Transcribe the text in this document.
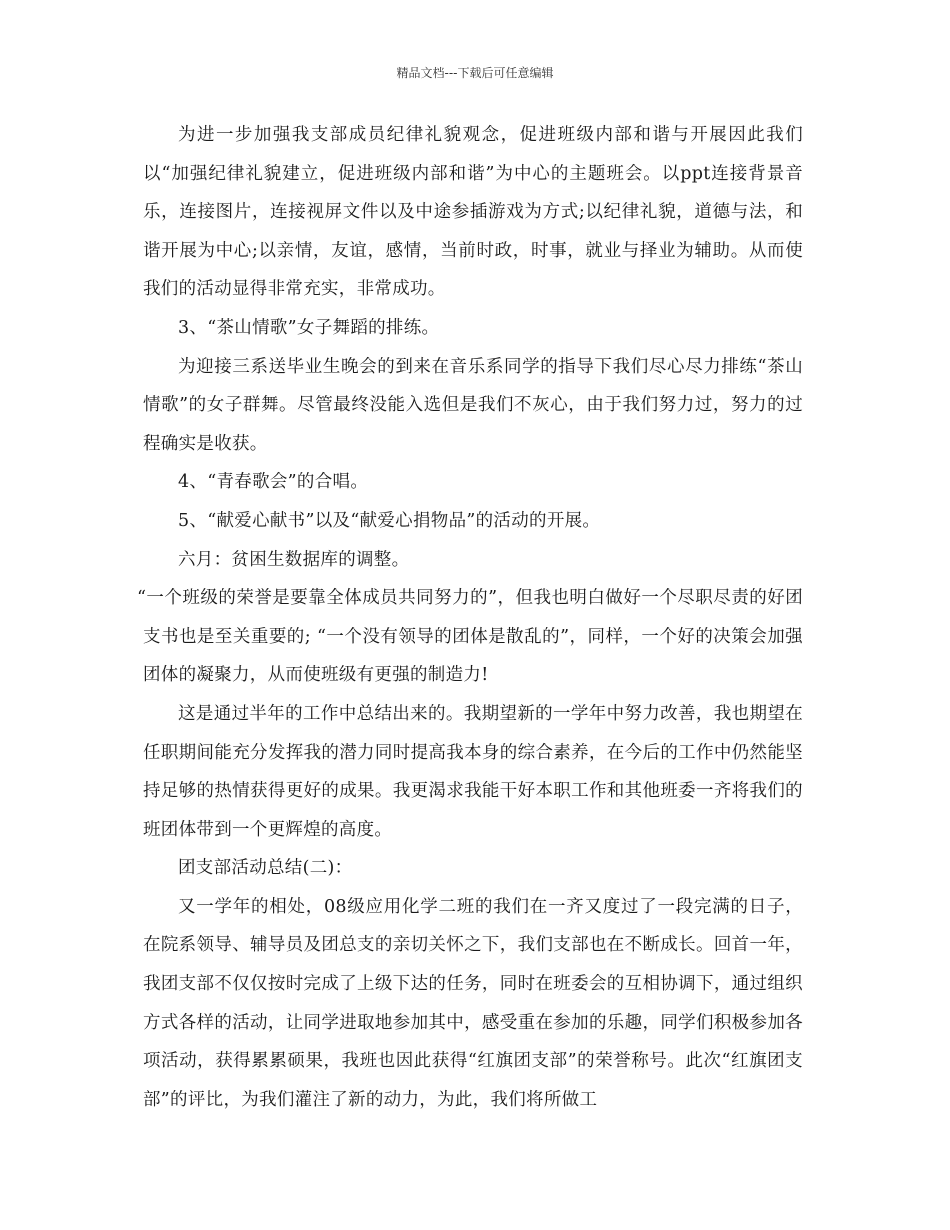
精品文档---下载后可任意编辑

为进一步加强我支部成员纪律礼貌观念，促进班级内部和谐与开展因此我们以“加强纪律礼貌建立，促进班级内部和谐”为中心的主题班会。以ppt连接背景音乐，连接图片，连接视屏文件以及中途参插游戏为方式;以纪律礼貌，道德与法，和谐开展为中心;以亲情，友谊，感情，当前时政，时事，就业与择业为辅助。从而使我们的活动显得非常充实，非常成功。

3、“茶山情歌”女子舞蹈的排练。

为迎接三系送毕业生晚会的到来在音乐系同学的指导下我们尽心尽力排练“茶山情歌”的女子群舞。尽管最终没能入选但是我们不灰心，由于我们努力过，努力的过程确实是收获。

4、“青春歌会”的合唱。

5、“献爱心献书”以及“献爱心捐物品”的活动的开展。

六月：贫困生数据库的调整。

“一个班级的荣誉是要靠全体成员共同努力的”，但我也明白做好一个尽职尽责的好团支书也是至关重要的; “一个没有领导的团体是散乱的”，同样，一个好的决策会加强团体的凝聚力，从而使班级有更强的制造力!

这是通过半年的工作中总结出来的。我期望新的一学年中努力改善，我也期望在任职期间能充分发挥我的潜力同时提高我本身的综合素养，在今后的工作中仍然能坚持足够的热情获得更好的成果。我更渴求我能干好本职工作和其他班委一齐将我们的班团体带到一个更辉煌的高度。

团支部活动总结(二)：

又一学年的相处，08级应用化学二班的我们在一齐又度过了一段完满的日子，在院系领导、辅导员及团总支的亲切关怀之下，我们支部也在不断成长。回首一年，我团支部不仅仅按时完成了上级下达的任务，同时在班委会的互相协调下，通过组织方式各样的活动，让同学进取地参加其中，感受重在参加的乐趣，同学们积极参加各项活动，获得累累硕果，我班也因此获得“红旗团支部”的荣誉称号。此次“红旗团支部”的评比，为我们灌注了新的动力，为此，我们将所做工
